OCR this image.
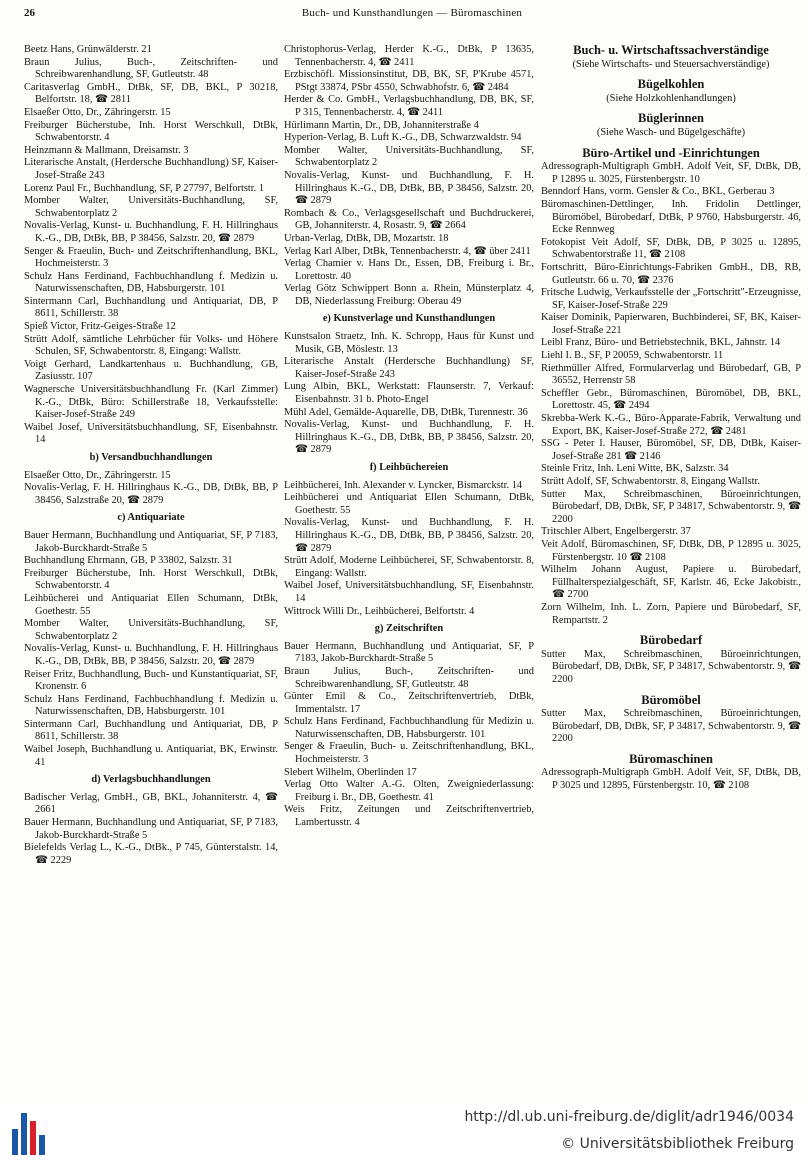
26	Buch- und Kunsthandlungen — Büromaschinen
Beetz Hans, Grünwälderstr. 21
Braun Julius, Buch-, Zeitschriften- und Schreibwarenhandlung, SF, Gutleutstr. 48
Caritasverlag GmbH., DtBk, SF, DB, BKL, P 30218, Belfortstr. 18, ☎ 2811
Elsaeßer Otto, Dr., Zähringerstr. 15
Freiburger Bücherstube, Inh. Horst Werschkull, DtBk, Schwabentorstr. 4
Heinzmann & Mallmann, Dreisamstr. 3
Literarische Anstalt, (Herdersche Buchhandlung) SF, Kaiser-Josef-Straße 243
Lorenz Paul Fr., Buchhandlung, SF, P 27797, Belfortstr. 1
Momber Walter, Universitäts-Buchhandlung, SF, Schwabentorplatz 2
Novalis-Verlag, Kunst- u. Buchhandlung, F. H. Hillringhaus K.-G., DB, DtBk, BB, P 38456, Salzstr. 20, ☎ 2879
Senger & Fraeulin, Buch- und Zeitschriftenhandlung, BKL, Hochmeisterstr. 3
Schulz Hans Ferdinand, Fachbuchhandlung f. Medizin u. Naturwissenschaften, DB, Habsburgerstr. 101
Sintermann Carl, Buchhandlung und Antiquariat, DB, P 8611, Schillerstr. 38
Spieß Victor, Fritz-Geiges-Straße 12
Strütt Adolf, sämtliche Lehrbücher für Volks- und Höhere Schulen, SF, Schwabentorstr. 8, Eingang: Wallstr.
Voigt Gerhard, Landkartenhaus u. Buchhandlung, GB, Zasiusstr. 107
Wagnersche Universitätsbuchhandlung Fr. (Karl Zimmer) K.-G., DtBk, Büro: Schillerstraße 18, Verkaufsstelle: Kaiser-Josef-Straße 249
Waibel Josef, Universitätsbuchhandlung, SF, Eisenbahnstr. 14
b) Versandbuchhandlungen
Elsaeßer Otto, Dr., Zähringerstr. 15
Novalis-Verlag, F. H. Hillringhaus K.-G., DB, DtBk, BB, P 38456, Salzstraße 20, ☎ 2879
c) Antiquariate
Bauer Hermann, Buchhandlung und Antiquariat, SF, P 7183, Jakob-Burckhardt-Straße 5
Buchhandlung Ehrmann, GB, P 33802, Salzstr. 31
Freiburger Bücherstube, Inh. Horst Werschkull, DtBk, Schwabentorstr. 4
Leihbücherei und Antiquariat Ellen Schumann, DtBk, Goethestr. 55
Momber Walter, Universitäts-Buchhandlung, SF, Schwabentorplatz 2
Novalis-Verlag, Kunst- u. Buchhandlung, F. H. Hillringhaus K.-G., DB, DtBk, BB, P 38456, Salzstr. 20, ☎ 2879
Reiser Fritz, Buchhandlung, Buch- und Kunstantiquariat, SF, Kronenstr. 6
Schulz Hans Ferdinand, Fachbuchhandlung f. Medizin u. Naturwissenschaften, DB, Habsburgerstr. 101
Sintermann Carl, Buchhandlung und Antiquariat, DB, P 8611, Schillerstr. 38
Waibel Joseph, Buchhandlung u. Antiquariat, BK, Erwinstr. 41
d) Verlagsbuchhandlungen
Badischer Verlag, GmbH., GB, BKL, Johanniterstr. 4, ☎ 2661
Bauer Hermann, Buchhandlung und Antiquariat, SF, P 7183, Jakob-Burckhardt-Straße 5
Bielefelds Verlag L., K.-G., DtBk., P 745, Günterstalstr. 14, ☎ 2229
Christophorus-Verlag, Herder K.-G., DtBk, P 13635, Tennenbacherstr. 4, ☎ 2411
Erzbischöfl. Missionsinstitut, DB, BK, SF, P'Krube 4571, PStgt 33874, PSbr 4550, Schwabhofstr. 6, ☎ 2484
Herder & Co. GmbH., Verlagsbuchhandlung, DB, BK, SF, P 315, Tennenbacherstr. 4, ☎ 2411
Hürlimann Martin, Dr., DB, Johanniterstraße 4
Hyperion-Verlag, B. Luft K.-G., DB, Schwarzwaldstr. 94
Momber Walter, Universitäts-Buchhandlung, SF, Schwabentorplatz 2
Novalis-Verlag, Kunst- und Buchhandlung, F. H. Hillringhaus K.-G., DB, DtBk, BB, P 38456, Salzstr. 20, ☎ 2879
Rombach & Co., Verlagsgesellschaft und Buchdruckerei, GB, Johanniterstr. 4, Rosastr. 9, ☎ 2664
Urban-Verlag, DtBk, DB, Mozartstr. 18
Verlag Karl Alber, DtBk, Tennenbacherstr. 4, ☎ über 2411
Verlag Chamier v. Hans Dr., Essen, DB, Freiburg i. Br., Lorettostr. 40
Verlag Götz Schwippert Bonn a. Rhein, Münsterplatz 4, DB, Niederlassung Freiburg: Oberau 49
e) Kunstverlage und Kunsthandlungen
Kunstsalon Straetz, Inh. K. Schropp, Haus für Kunst und Musik, GB, Möslestr. 13
Literarische Anstalt (Herdersche Buchhandlung) SF, Kaiser-Josef-Straße 243
Lung Albin, BKL, Werkstatt: Flaunserstr. 7, Verkauf: Eisenbahnstr. 31 b. Photo-Engel
Mühl Adel, Gemälde-Aquarelle, DB, DtBk, Turennestr. 36
Novalis-Verlag, Kunst- und Buchhandlung, F. H. Hillringhaus K.-G., DB, DtBk, BB, P 38456, Salzstr. 20, ☎ 2879
f) Leihbüchereien
Leihbücherei, Inh. Alexander v. Lyncker, Bismarckstr. 14
Leihbücherei und Antiquariat Ellen Schumann, DtBk, Goethestr. 55
Novalis-Verlag, Kunst- und Buchhandlung, F. H. Hillringhaus K.-G., DB, DtBk, BB, P 38456, Salzstr. 20, ☎ 2879
Strütt Adolf, Moderne Leihbücherei, SF, Schwabentorstr. 8, Eingang: Wallstr.
Waibel Josef, Universitätsbuchhandlung, SF, Eisenbahnstr. 14
Wittrock Willi Dr., Leihbücherei, Belfortstr. 4
g) Zeitschriften
Bauer Hermann, Buchhandlung und Antiquariat, SF, P 7183, Jakob-Burckhardt-Straße 5
Braun Julius, Buch-, Zeitschriften- und Schreibwarenhandlung, SF, Gutleutstr. 48
Günter Emil & Co., Zeitschriftenvertrieb, DtBk, Immentalstr. 17
Schulz Hans Ferdinand, Fachbuchhandlung für Medizin u. Naturwissenschaften, DB, Habsburgerstr. 101
Senger & Fraeulin, Buch- u. Zeitschriftenhandlung, BKL, Hochmeisterstr. 3
Slebert Wilhelm, Oberlinden 17
Verlag Otto Walter A.-G. Olten, Zweigniederlassung: Freiburg i. Br., DB, Goethestr. 41
Weis Fritz, Zeitungen und Zeitschriftenvertrieb, Lambertusstr. 4
Buch- u. Wirtschaftssachverständige
(Siehe Wirtschafts- und Steuersachverständige)
Bügelkohlen
(Siehe Holzkohlenhandlungen)
Büglerinnen
(Siehe Wasch- und Bügelgeschäfte)
Büro-Artikel und -Einrichtungen
Adressograph-Multigraph GmbH. Adolf Veit, SF, DtBk, DB, P 12895 u. 3025, Fürstenbergstr. 10
Benndorf Hans, vorm. Gensler & Co., BKL, Gerberau 3
Büromaschinen-Dettlinger, Inh. Fridolin Dettlinger, Büromöbel, Bürobedarf, DtBk, P 9760, Habsburgerstr. 46, Ecke Rennweg
Fotokopist Veit Adolf, SF, DtBk, DB, P 3025 u. 12895, Schwabentorstraße 11, ☎ 2108
Fortschritt, Büro-Einrichtungs-Fabriken GmbH., DB, RB, Gutleutstr. 66 u. 70, ☎ 2376
Fritsche Ludwig, Verkaufsstelle der „Fortschritt"-Erzeugnisse, SF, Kaiser-Josef-Straße 229
Kaiser Dominik, Papierwaren, Buchbinderei, SF, BK, Kaiser-Josef-Straße 221
Leibl Franz, Büro- und Betriebstechnik, BKL, Jahnstr. 14
Liehl I. B., SF, P 20059, Schwabentorstr. 11
Riethmüller Alfred, Formularverlag und Bürobedarf, GB, P 36552, Herrenstr 58
Scheffler Gebr., Büromaschinen, Büromöbel, DB, BKL, Lorettostr. 45, ☎ 2494
Skrebba-Werk K.-G., Büro-Apparate-Fabrik, Verwaltung und Export, BK, Kaiser-Josef-Straße 272, ☎ 2481
SSG - Peter I. Hauser, Büromöbel, SF, DB, DtBk, Kaiser-Josef-Straße 281 ☎ 2146
Steinle Fritz, Inh. Leni Witte, BK, Salzstr. 34
Strütt Adolf, SF, Schwabentorstr. 8, Eingang Wallstr.
Sutter Max, Schreibmaschinen, Büroeinrichtungen, Bürobedarf, DB, DtBk, SF, P 34817, Schwabentorstr. 9, ☎ 2200
Tritschler Albert, Engelbergerstr. 37
Veit Adolf, Büromaschinen, SF, DtBk, DB, P 12895 u. 3025, Fürstenbergstr. 10 ☎ 2108
Wilhelm Johann August, Papiere u. Bürobedarf, Füllhalterspezialgeschäft, SF, Karlstr. 46, Ecke Jakobistr., ☎ 2700
Zorn Wilhelm, Inh. L. Zorn, Papiere und Bürobedarf, SF, Rempartstr. 2
Bürobedarf
Sutter Max, Schreibmaschinen, Büroeinrichtungen, Bürobedarf, DB, DtBk, SF, P 34817, Schwabentorstr. 9, ☎ 2200
Büromöbel
Sutter Max, Schreibmaschinen, Büroeinrichtungen, Bürobedarf, DB, DtBk, SF, P 34817, Schwabentorstr. 9, ☎ 2200
Büromaschinen
Adressograph-Multigraph GmbH. Adolf Veit, SF, DtBk, DB, P 3025 und 12895, Fürstenbergstr. 10, ☎ 2108
http://dl.ub.uni-freiburg.de/diglit/adr1946/0034
© Universitätsbibliothek Freiburg
